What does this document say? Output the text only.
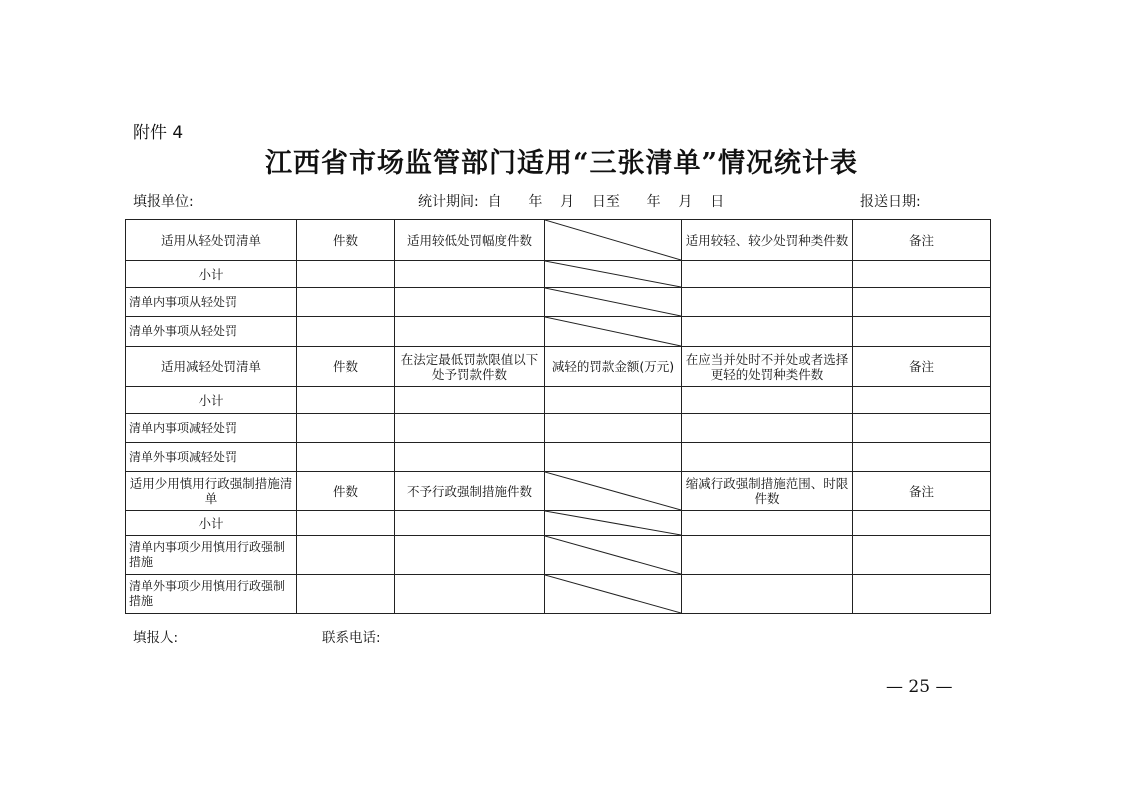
附件 4
江西省市场监管部门适用“三张清单”情况统计表
填报单位:	统计期间:  自      年    月    日至      年    月    日	报送日期:
适用从轻处罚清单	件数	适用较低处罚幅度件数		适用较轻、较少处罚种类件数	备注
小计			

清单内事项从轻处罚			

清单外事项从轻处罚			

适用减轻处罚清单	件数	在法定最低罚款限值以下处予罚款件数	减轻的罚款金额(万元)	在应当并处时不并处或者选择更轻的处罚种类件数	备注
小计					
清单内事项减轻处罚					
清单外事项减轻处罚					
适用少用慎用行政强制措施清单	件数	不予行政强制措施件数		缩减行政强制措施范围、时限件数	备注
小计			

清单内事项少用慎用行政强制措施			

清单外事项少用慎用行政强制措施			

填报人:	联系电话:
— 25 —
